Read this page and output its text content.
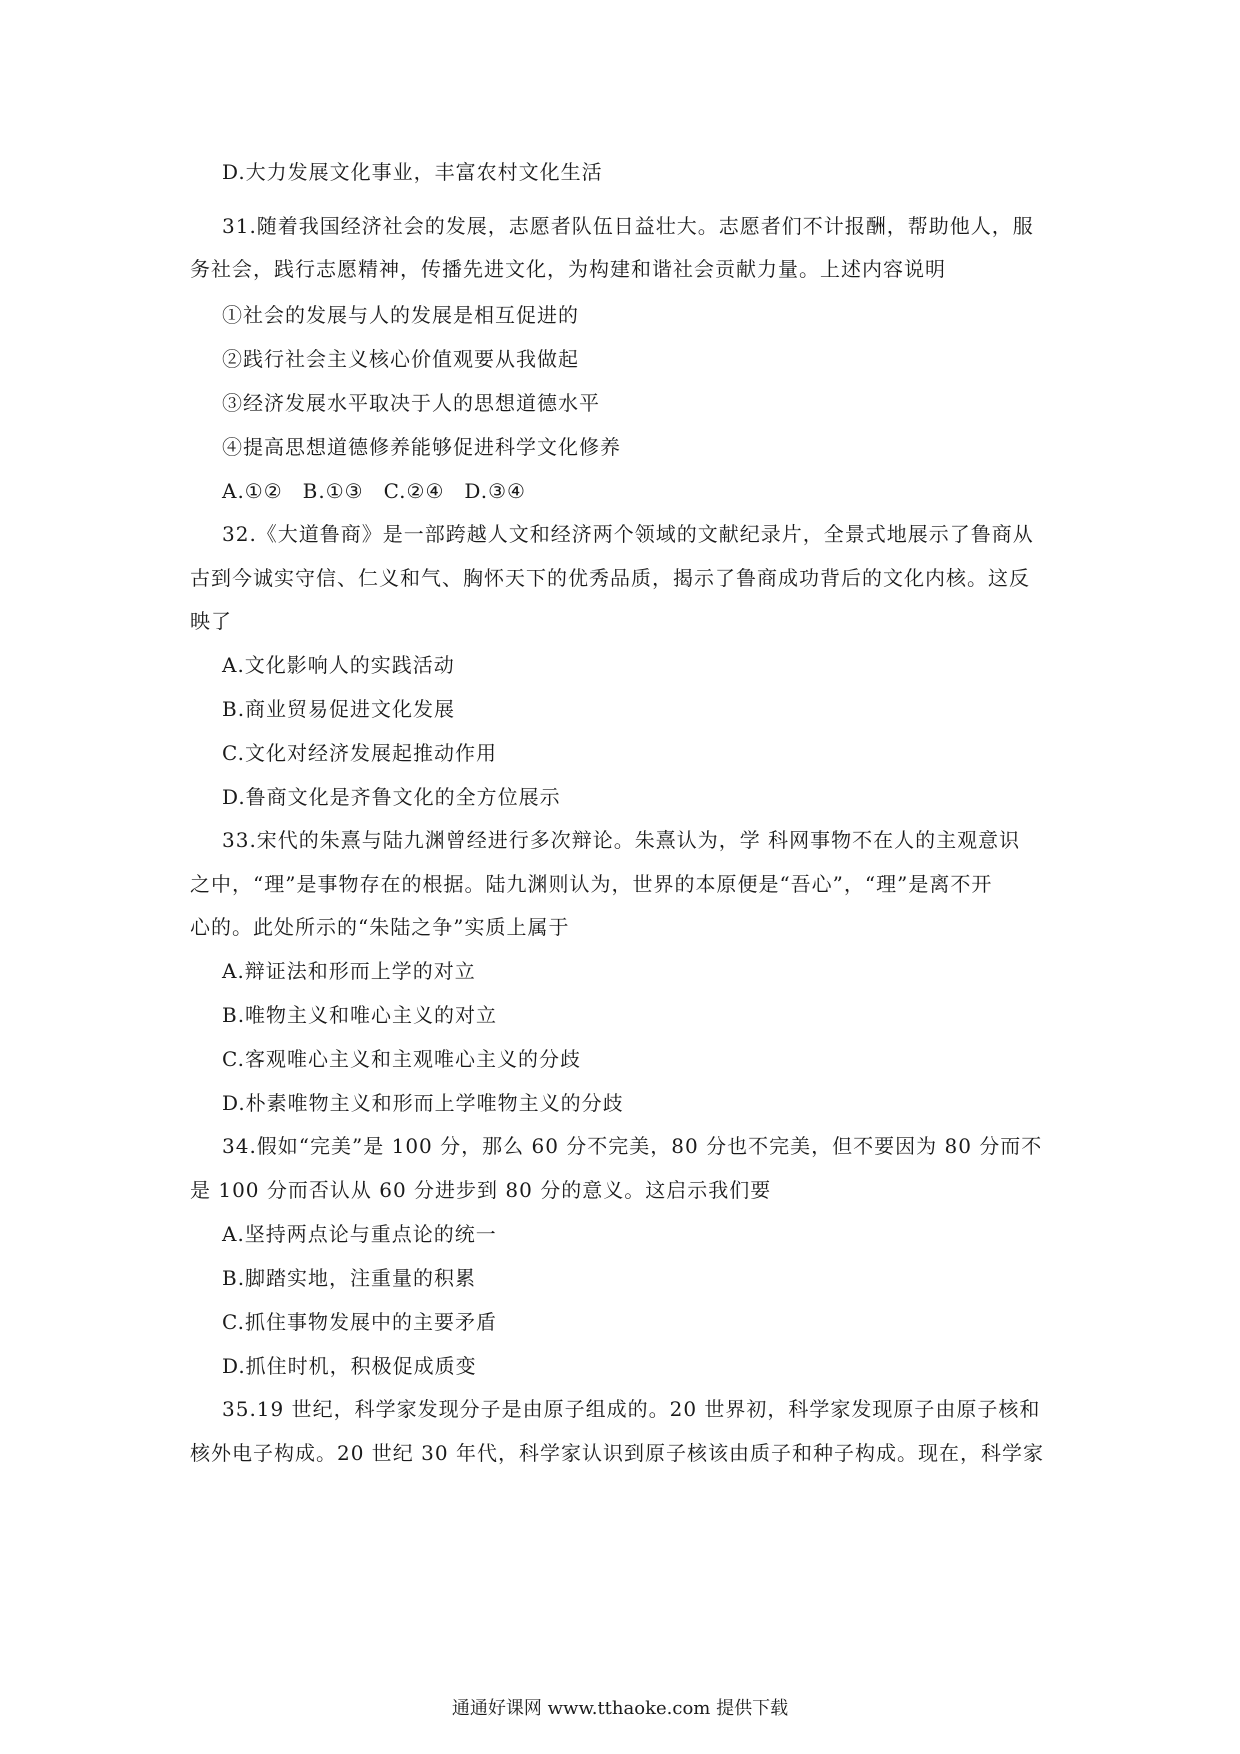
D.大力发展文化事业，丰富农村文化生活
31.随着我国经济社会的发展，志愿者队伍日益壮大。志愿者们不计报酬，帮助他人，服
务社会，践行志愿精神，传播先进文化，为构建和谐社会贡献力量。上述内容说明
①社会的发展与人的发展是相互促进的
②践行社会主义核心价值观要从我做起
③经济发展水平取决于人的思想道德水平
④提高思想道德修养能够促进科学文化修养
A.①② B.①③ C.②④ D.③④
32.《大道鲁商》是一部跨越人文和经济两个领域的文献纪录片，全景式地展示了鲁商从
古到今诚实守信、仁义和气、胸怀天下的优秀品质，揭示了鲁商成功背后的文化内核。这反
映了
A.文化影响人的实践活动
B.商业贸易促进文化发展
C.文化对经济发展起推动作用
D.鲁商文化是齐鲁文化的全方位展示
33.宋代的朱熹与陆九渊曾经进行多次辩论。朱熹认为，学 科网事物不在人的主观意识
之中，“理”是事物存在的根据。陆九渊则认为，世界的本原便是“吾心”，“理”是离不开
心的。此处所示的“朱陆之争”实质上属于
A.辩证法和形而上学的对立
B.唯物主义和唯心主义的对立
C.客观唯心主义和主观唯心主义的分歧
D.朴素唯物主义和形而上学唯物主义的分歧
34.假如“完美”是 100 分，那么 60 分不完美，80 分也不完美，但不要因为 80 分而不
是 100 分而否认从 60 分进步到 80 分的意义。这启示我们要
A.坚持两点论与重点论的统一
B.脚踏实地，注重量的积累
C.抓住事物发展中的主要矛盾
D.抓住时机，积极促成质变
35.19 世纪，科学家发现分子是由原子组成的。20 世界初，科学家发现原子由原子核和
核外电子构成。20 世纪 30 年代，科学家认识到原子核该由质子和种子构成。现在，科学家
通通好课网 www.tthaoke.com 提供下载
